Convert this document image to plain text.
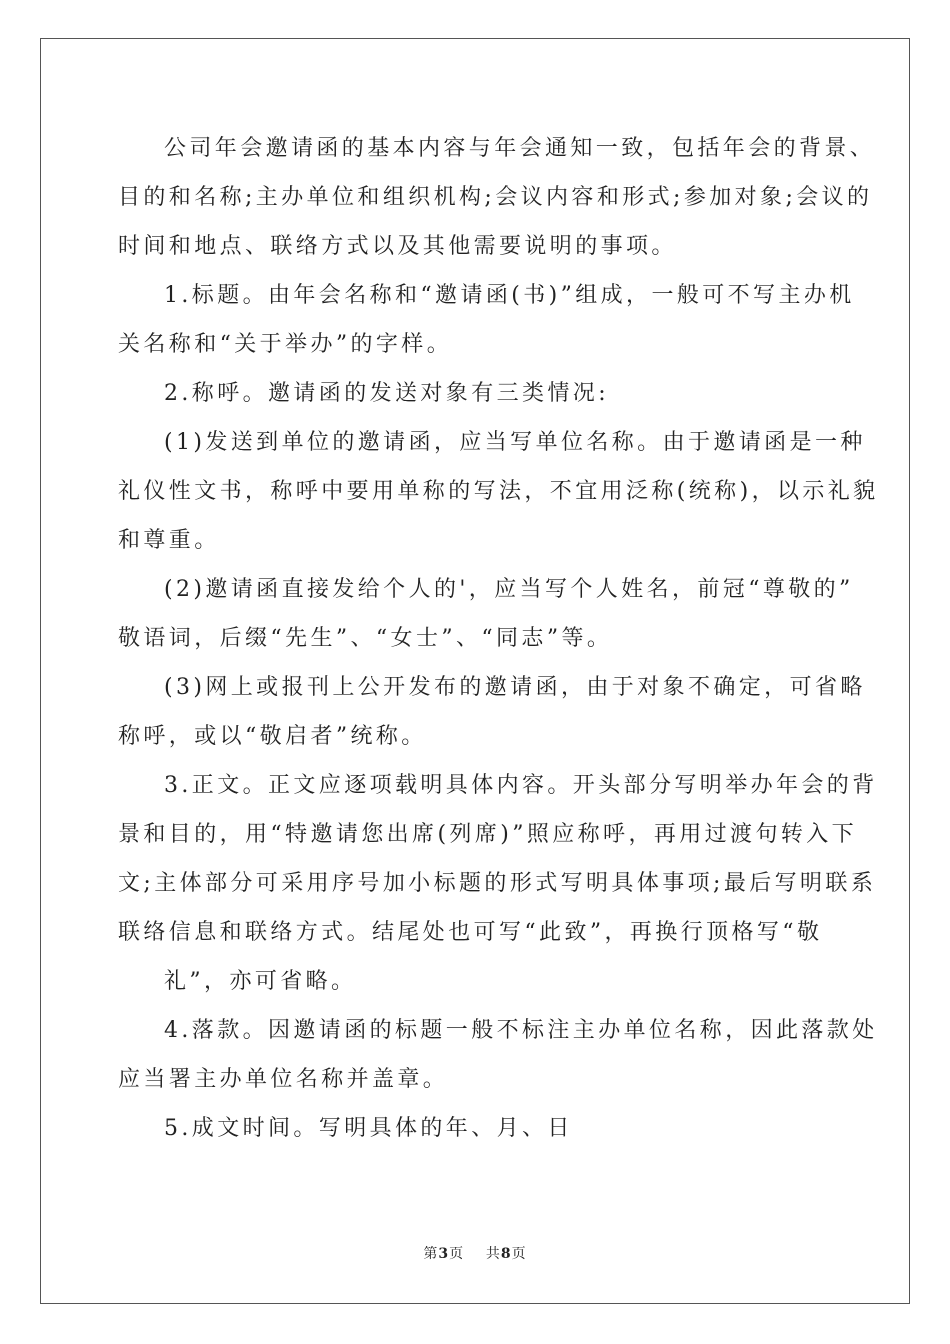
公司年会邀请函的基本内容与年会通知一致，包括年会的背景、
目的和名称;主办单位和组织机构;会议内容和形式;参加对象;会议的
时间和地点、联络方式以及其他需要说明的事项。
1.标题。由年会名称和“邀请函(书)”组成，一般可不写主办机
关名称和“关于举办”的字样。
2.称呼。邀请函的发送对象有三类情况:
(1)发送到单位的邀请函，应当写单位名称。由于邀请函是一种
礼仪性文书，称呼中要用单称的写法，不宜用泛称(统称)，以示礼貌
和尊重。
(2)邀请函直接发给个人的'，应当写个人姓名，前冠“尊敬的”
敬语词，后缀“先生”、“女士”、“同志”等。
(3)网上或报刊上公开发布的邀请函，由于对象不确定，可省略
称呼，或以“敬启者”统称。
3.正文。正文应逐项载明具体内容。开头部分写明举办年会的背
景和目的，用“特邀请您出席(列席)”照应称呼，再用过渡句转入下
文;主体部分可采用序号加小标题的形式写明具体事项;最后写明联系
联络信息和联络方式。结尾处也可写“此致”，再换行顶格写“敬
礼”，亦可省略。
4.落款。因邀请函的标题一般不标注主办单位名称，因此落款处
应当署主办单位名称并盖章。
5.成文时间。写明具体的年、月、日
第3页 共8页
